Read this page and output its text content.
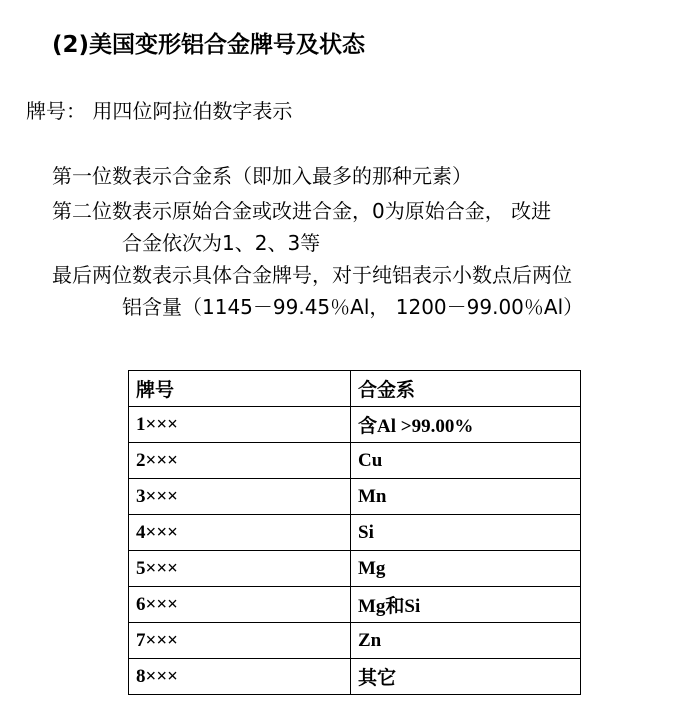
(2)美国变形铝合金牌号及状态
牌号： 用四位阿拉伯数字表示
第一位数表示合金系（即加入最多的那种元素）
第二位数表示原始合金或改进合金，0为原始合金， 改进
合金依次为1、2、3等
最后两位数表示具体合金牌号，对于纯铝表示小数点后两位
铝含量（1145－99.45％Al， 1200－99.00％Al）
牌号	合金系
1×××	含Al >99.00%
2×××	Cu
3×××	Mn
4×××	Si
5×××	Mg
6×××	Mg和Si
7×××	Zn
8×××	其它
